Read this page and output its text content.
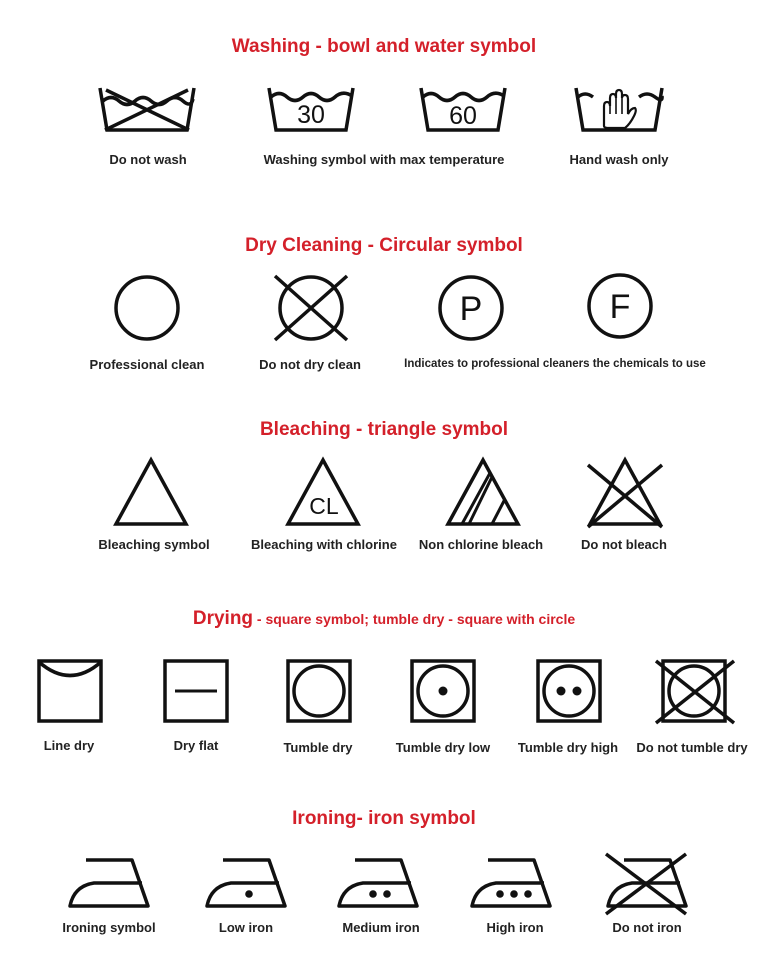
Washing - bowl and water symbol
Do not wash
30
Washing symbol with max temperature
60
Hand wash only
Dry Cleaning - Circular symbol
Professional clean	Do not dry clean
P
Indicates to professional cleaners the chemicals to use
F
Bleaching - triangle symbol
Bleaching symbol
CL
Bleaching with chlorine	Non chlorine bleach	Do not bleach
Drying - square symbol; tumble dry - square with circle
Line dry	Dry flat	Tumble dry	Tumble dry low	Tumble dry high	Do not tumble dry
Ironing- iron symbol
Ironing symbol	Low iron	Medium iron	High iron	Do not iron
